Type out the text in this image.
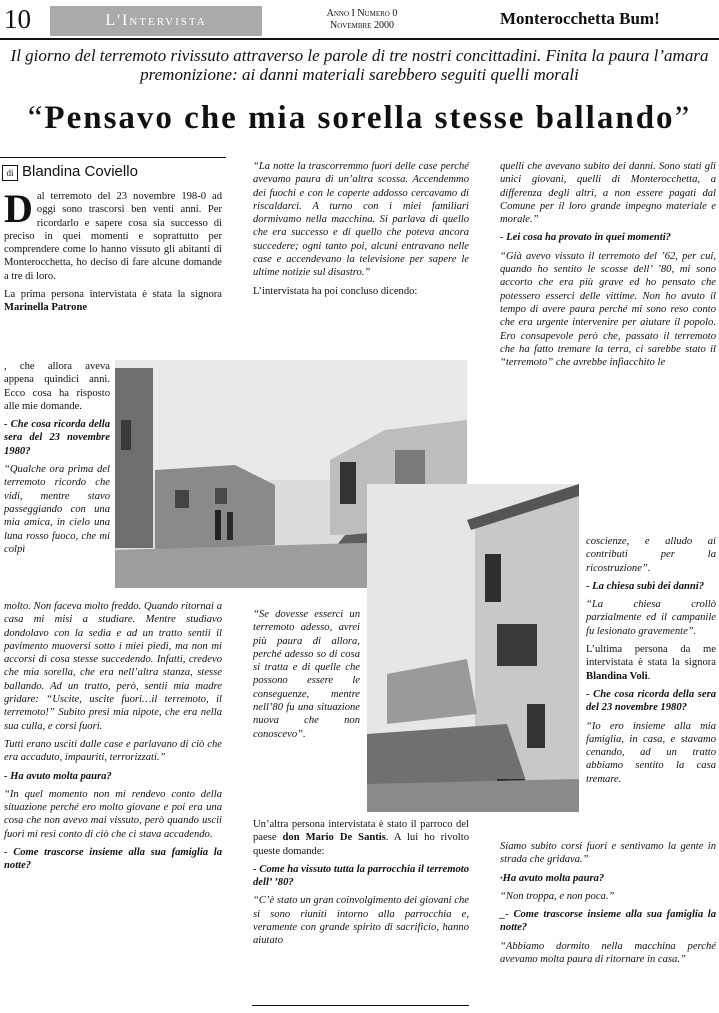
10	L'Intervista	Anno I Numero 0
Novembre 2000	Monterocchetta Bum!
Il giorno del terremoto rivissuto attraverso le parole di tre nostri concittadini. Finita la paura l’amara premonizione: ai danni materiali sarebbero seguiti quelli morali
“Pensavo che mia sorella stesse ballando”
di Blandina Coviello

Dal terremoto del 23 novembre 198-0 ad oggi sono trascorsi ben venti anni. Per ricordarlo e sapere cosa sia successo di preciso in quei momenti e soprattutto per comprendere come lo hanno vissuto gli abitanti di Monterocchetta, ho deciso di fare alcune domande a tre di loro.

La prima persona intervistata è stata la signora Marinella Patrone

, che allora aveva appena quindici anni. Ecco cosa ha risposto alle mie domande.

- Che cosa ricorda della sera del 23 novembre 1980?

“Qualche ora prima del terremoto ricordo che vidi, mentre stavo passeggiando con una mia amica, in cielo una luna rosso fuoco, che mi colpì

molto. Non faceva molto freddo. Quando ritornai a casa mi misi a studiare. Mentre studiavo dondolavo con la sedia e ad un tratto sentii il pavimento muoversi sotto i miei piedi, ma non mi accorsi di cosa stesse succedendo. Infatti, credevo che mia sorella, che era nell’altra stanza, stesse ballando. Ad un tratto, però, sentii mia madre gridare: “Uscite, uscite fuori…il terremoto, il terremoto!” Subito presi mia nipote, che era nella sua culla, e corsi fuori.

Tutti erano usciti dalle case e parlavano di ciò che era accaduto, impauriti, terrorizzati.”

- Ha avuto molta paura?

“In quel momento non mi rendevo conto della situazione perché ero molto giovane e poi era una cosa che non avevo mai vissuto, però quando uscii fuori mi resi conto di ciò che ci stava accadendo.

- Come trascorse insieme alla sua famiglia la notte?

“La notte la trascorremmo fuori delle case perché avevamo paura di un’altra scossa. Accendemmo dei fuochi e con le coperte addosso cercavamo di riscaldarci. A turno con i miei familiari dormivamo nella macchina. Si parlava di quello che era successo e di quello che poteva ancora succedere; ogni tanto poi, alcuni entravano nelle case e accendevano la televisione per sapere le ultime notizie sul disastro.”

L’intervistata ha poi concluso dicendo:

“Se dovesse esserci un terremoto adesso, avrei più paura di allora, perché adesso so di cosa si tratta e di quelle che possono essere le conseguenze, mentre nell’80 fu una situazione nuova che non conoscevo”.

Un’altra persona intervistata è stato il parroco del paese don Mario De Santis. A lui ho rivolto queste domande:

- Come ha vissuto tutta la parrocchia il terremoto dell’ ’80?

“C’è stato un gran coinvolgimento dei giovani che si sono riuniti intorno alla parrocchia e, veramente con grande spirito di sacrificio, hanno aiutato

quelli che avevano subito dei danni. Sono stati gli unici giovani, quelli di Monterocchetta, a differenza degli altri, a non essere pagati dal Comune per il loro grande impegno materiale e morale.”

- Lei cosa ha provato in quei momenti?

“Già avevo vissuto il terremoto del ’62, per cui, quando ho sentito le scosse dell’ ’80, mi sono accorto che era più grave ed ho pensato che potessero esserci delle vittime. Non ho avuto il tempo di avere paura perché mi sono reso conto che era urgente intervenire per aiutare il popolo. Ero consapevole però che, passato il terremoto che ha fatto tremare la terra, ci sarebbe stato il “terremoto” che avrebbe infiacchito le

coscienze, e alludo ai contributi per la ricostruzione”.

- La chiesa subì dei danni?

“La chiesa crollò parzialmente ed il campanile fu lesionato gravemente”.

L’ultima persona da me intervistata è stata la signora Blandina Voli.

- Che cosa ricorda della sera del 23 novembre 1980?

“Io ero insieme alla mia famiglia, in casa, e stavamo cenando, ad un tratto abbiamo sentito la casa tremare.

Siamo subito corsi fuori e sentivamo la gente in strada che gridava.”

·Ha avuto molta paura?

“Non troppa, e non poca.”

_- Come trascorse insieme alla sua famiglia la notte?

“Abbiamo dormito nella macchina perché avevamo molta paura di ritornare in casa.”
